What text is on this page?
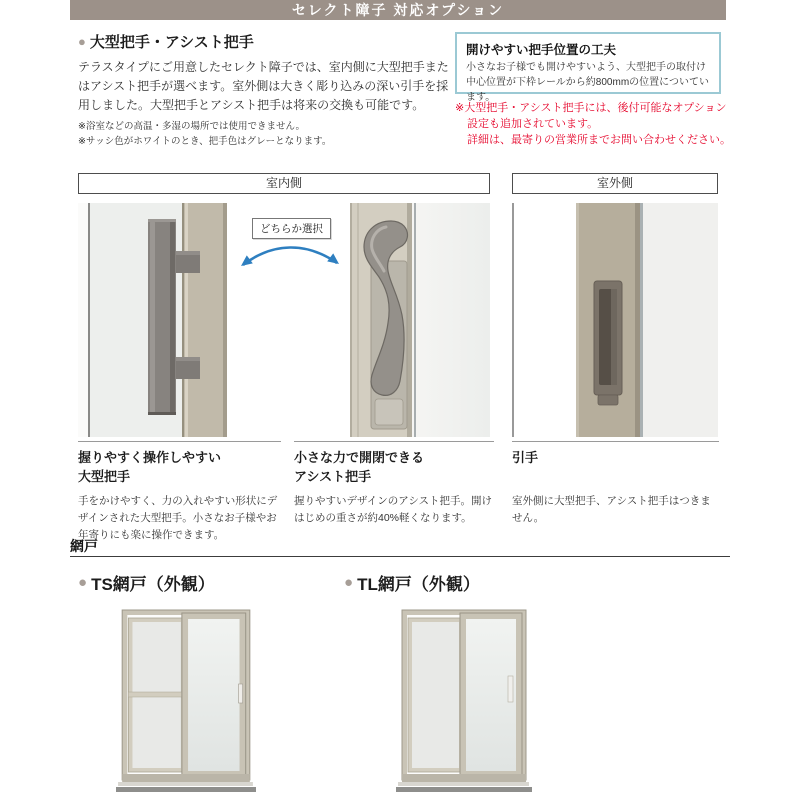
セレクト障子 対応オプション
● 大型把手・アシスト把手
テラスタイプにご用意したセレクト障子では、室内側に大型把手またはアシスト把手が選べます。室外側は大きく彫り込みの深い引手を採用しました。大型把手とアシスト把手は将来の交換も可能です。
※浴室などの高温・多湿の場所では使用できません。
※サッシ色がホワイトのとき、把手色はグレーとなります。
開けやすい把手位置の工夫
小さなお子様でも開けやすいよう、大型把手の取付け中心位置が下枠レールから約800mmの位置についています。
※大型把手・アシスト把手には、後付可能なオプション
設定も追加されています。
詳細は、最寄りの営業所までお問い合わせください。
室内側	室外側
どちらか選択
握りやすく操作しやすい
大型把手
手をかけやすく、力の入れやすい形状にデザインされた大型把手。小さなお子様やお年寄りにも楽に操作できます。
小さな力で開閉できる
アシスト把手
握りやすいデザインのアシスト把手。開けはじめの重さが約40%軽くなります。
引手
室外側に大型把手、アシスト把手はつきません。
網戸
● TS網戸（外観）	● TL網戸（外観）
